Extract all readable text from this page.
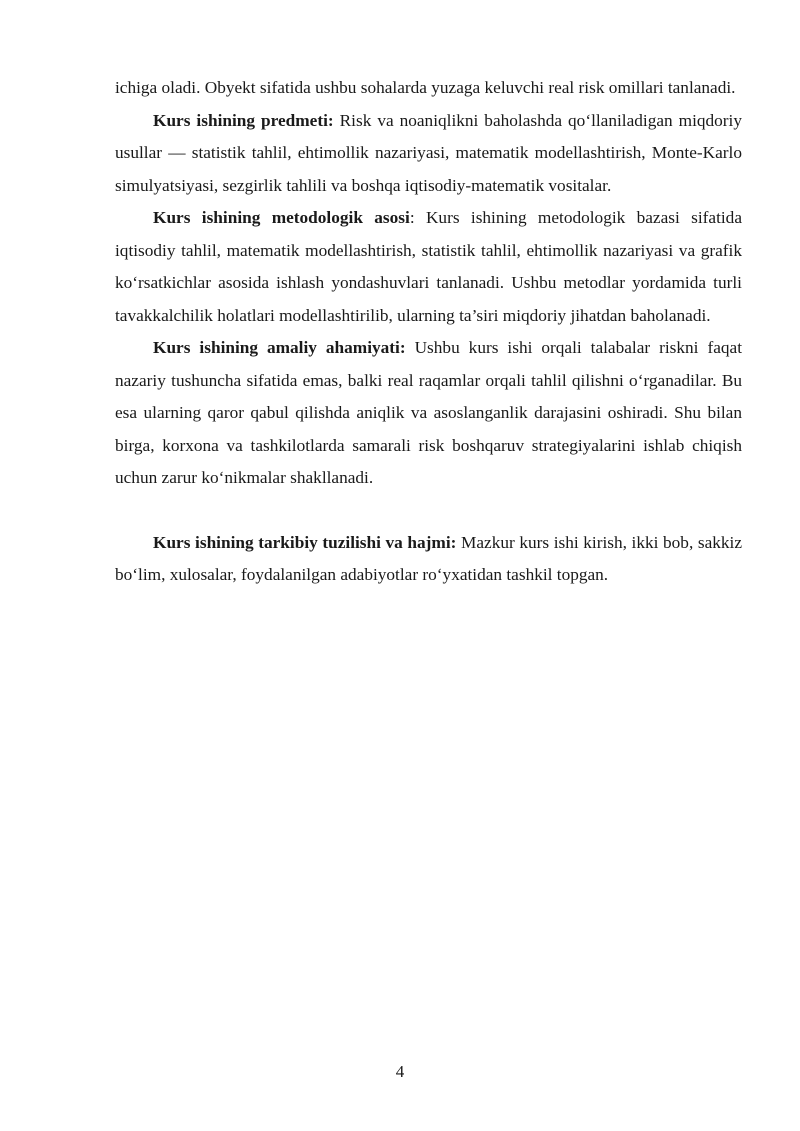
ichiga oladi. Obyekt sifatida ushbu sohalarda yuzaga keluvchi real risk omillari tanlanadi.

Kurs ishining predmeti: Risk va noaniqlikni baholashda qo‘llaniladigan miqdoriy usullar — statistik tahlil, ehtimollik nazariyasi, matematik modellashtirish, Monte-Karlo simulyatsiyasi, sezgirlik tahlili va boshqa iqtisodiy-matematik vositalar.

Kurs ishining metodologik asosi: Kurs ishining metodologik bazasi sifatida iqtisodiy tahlil, matematik modellashtirish, statistik tahlil, ehtimollik nazariyasi va grafik ko‘rsatkichlar asosida ishlash yondashuvlari tanlanadi. Ushbu metodlar yordamida turli tavakkalchilik holatlari modellashtirilib, ularning ta’siri miqdoriy jihatdan baholanadi.

Kurs ishining amaliy ahamiyati: Ushbu kurs ishi orqali talabalar riskni faqat nazariy tushuncha sifatida emas, balki real raqamlar orqali tahlil qilishni o‘rganadilar. Bu esa ularning qaror qabul qilishda aniqlik va asoslanganlik darajasini oshiradi. Shu bilan birga, korxona va tashkilotlarda samarali risk boshqaruv strategiyalarini ishlab chiqish uchun zarur ko‘nikmalar shakllanadi.

Kurs ishining tarkibiy tuzilishi va hajmi: Mazkur kurs ishi kirish, ikki bob, sakkiz bo‘lim, xulosalar, foydalanilgan adabiyotlar ro‘yxatidan tashkil topgan.

4
